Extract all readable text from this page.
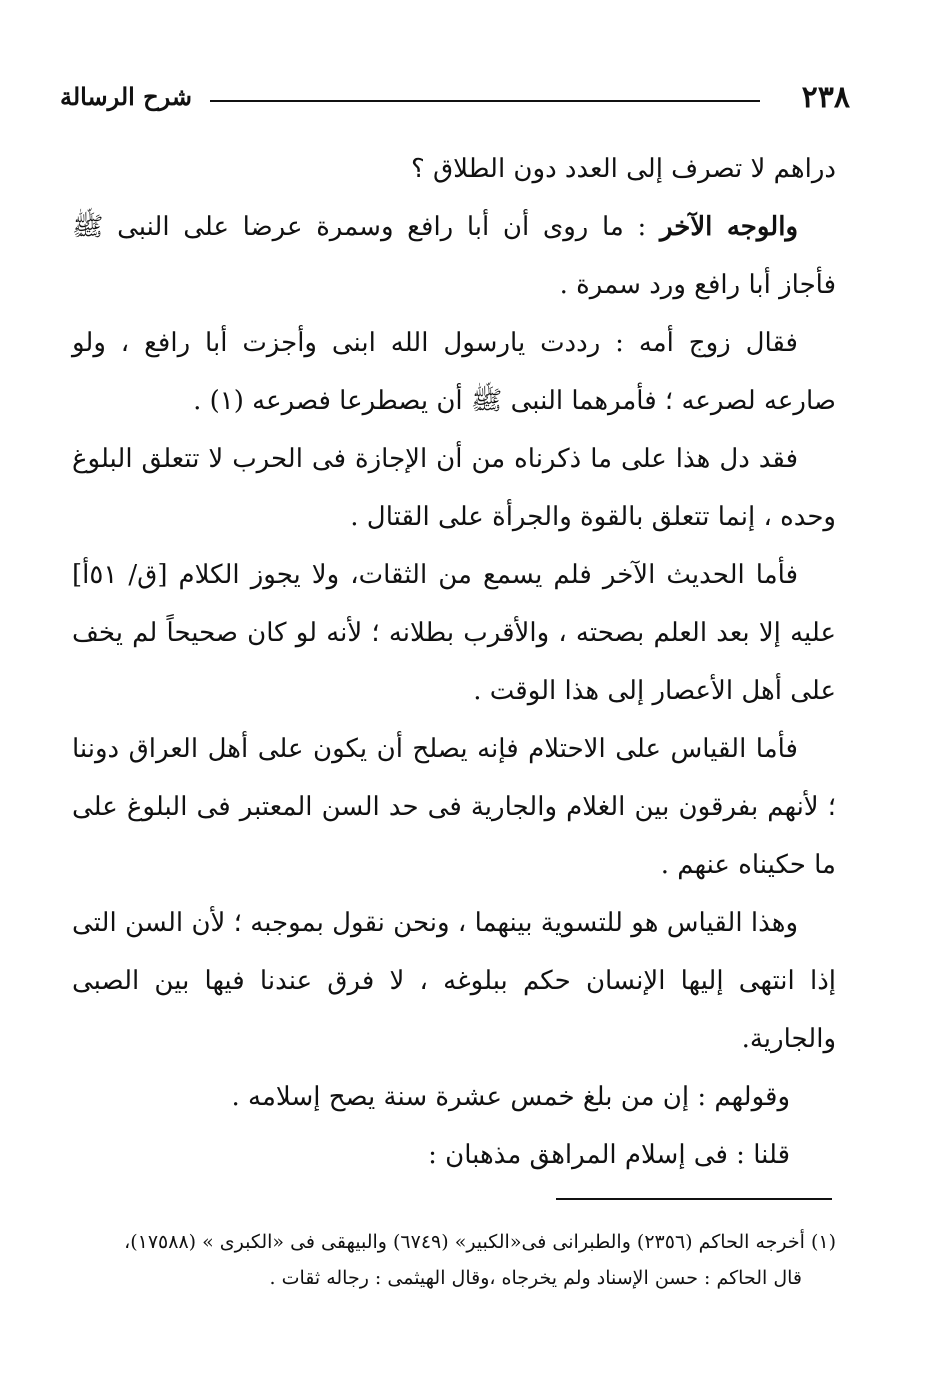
٢٣٨
شرح الرسالة

دراهم لا تصرف إلى العدد دون الطلاق ؟

والوجه الآخر : ما روى أن أبا رافع وسمرة عرضا على النبى ﷺ فأجاز أبا رافع ورد سمرة .

فقال زوج أمه : رددت يارسول الله ابنى وأجزت أبا رافع ، ولو صارعه لصرعه ؛ فأمرهما النبى ﷺ أن يصطرعا فصرعه (١) .

فقد دل هذا على ما ذكرناه من أن الإجازة فى الحرب لا تتعلق البلوغ وحده ، إنما تتعلق بالقوة والجرأة على القتال .

فأما الحديث الآخر فلم يسمع من الثقات، ولا يجوز الكلام [ق/ ٥١أ] عليه إلا بعد العلم بصحته ، والأقرب بطلانه ؛ لأنه لو كان صحيحاً لم يخف على أهل الأعصار إلى هذا الوقت .

فأما القياس على الاحتلام فإنه يصلح أن يكون على أهل العراق دوننا ؛ لأنهم بفرقون بين الغلام والجارية فى حد السن المعتبر فى البلوغ على ما حكيناه عنهم .

وهذا القياس هو للتسوية بينهما ، ونحن نقول بموجبه ؛ لأن السن التى إذا انتهى إليها الإنسان حكم ببلوغه ، لا فرق عندنا فيها بين الصبى والجارية.

وقولهم : إن من بلغ خمس عشرة سنة يصح إسلامه .

قلنا : فى إسلام المراهق مذهبان :

(١) أخرجه الحاكم (٢٣٥٦) والطبرانى فى«الكبير» (٦٧٤٩) والبيهقى فى «الكبرى » (١٧٥٨٨)،
قال الحاكم : حسن الإسناد ولم يخرجاه ،وقال الهيثمى : رجاله ثقات .
